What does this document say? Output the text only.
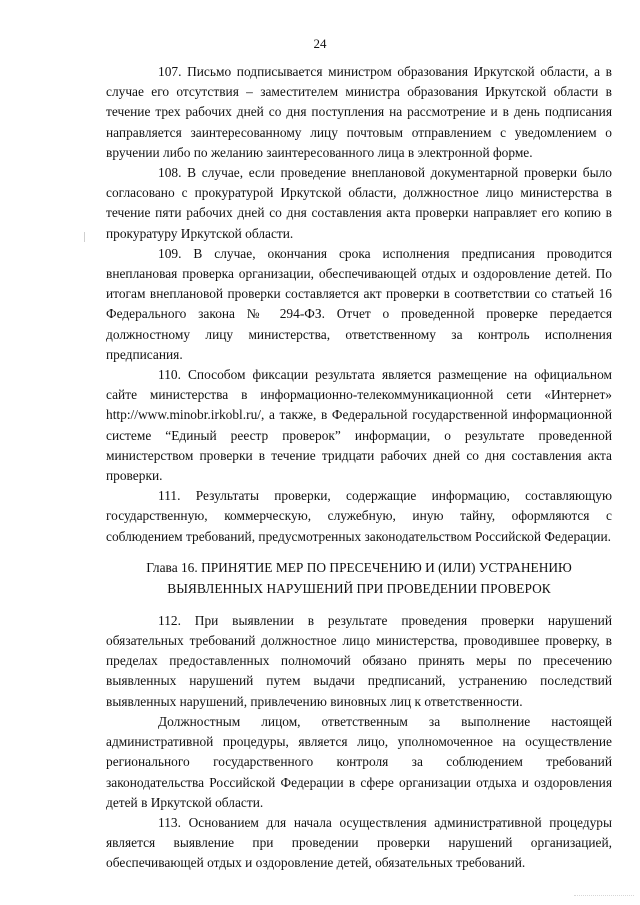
24

107. Письмо подписывается министром образования Иркутской области, а в случае его отсутствия – заместителем министра образования Иркутской области в течение трех рабочих дней со дня поступления на рассмотрение и в день подписания направляется заинтересованному лицу почтовым отправлением с уведомлением о вручении либо по желанию заинтересованного лица в электронной форме.

108. В случае, если проведение внеплановой документарной проверки было согласовано с прокуратурой Иркутской области, должностное лицо министерства в течение пяти рабочих дней со дня составления акта проверки направляет его копию в прокуратуру Иркутской области.

109. В случае, окончания срока исполнения предписания проводится внеплановая проверка организации, обеспечивающей отдых и оздоровление детей. По итогам внеплановой проверки составляется акт проверки в соответствии со статьей 16 Федерального закона № 294-ФЗ. Отчет о проведенной проверке передается должностному лицу министерства, ответственному за контроль исполнения предписания.

110. Способом фиксации результата является размещение на официальном сайте министерства в информационно-телекоммуникационной сети «Интернет» http://www.minobr.irkobl.ru/, а также, в Федеральной государственной информационной системе “Единый реестр проверок” информации, о результате проведенной министерством проверки в течение тридцати рабочих дней со дня составления акта проверки.

111. Результаты проверки, содержащие информацию, составляющую государственную, коммерческую, служебную, иную тайну, оформляются с соблюдением требований, предусмотренных законодательством Российской Федерации.

Глава 16. ПРИНЯТИЕ МЕР ПО ПРЕСЕЧЕНИЮ И (ИЛИ) УСТРАНЕНИЮ
ВЫЯВЛЕННЫХ НАРУШЕНИЙ ПРИ ПРОВЕДЕНИИ ПРОВЕРОК

112. При выявлении в результате проведения проверки нарушений обязательных требований должностное лицо министерства, проводившее проверку, в пределах предоставленных полномочий обязано принять меры по пресечению выявленных нарушений путем выдачи предписаний, устранению последствий выявленных нарушений, привлечению виновных лиц к ответственности.

Должностным лицом, ответственным за выполнение настоящей административной процедуры, является лицо, уполномоченное на осуществление регионального государственного контроля за соблюдением требований законодательства Российской Федерации в сфере организации отдыха и оздоровления детей в Иркутской области.

113. Основанием для начала осуществления административной процедуры является выявление при проведении проверки нарушений организацией, обеспечивающей отдых и оздоровление детей, обязательных требований.
